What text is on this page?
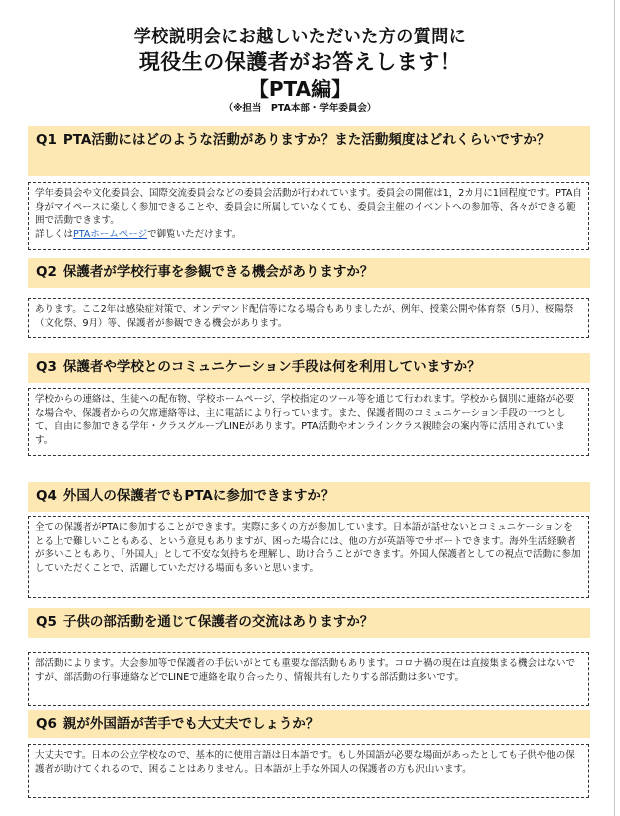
学校説明会にお越しいただいた方の質問に
現役生の保護者がお答えします！
【PTA編】
（※担当　PTA本部・学年委員会）
Q1 PTA活動にはどのような活動がありますか？また活動頻度はどれくらいですか？

学年委員会や文化委員会、国際交流委員会などの委員会活動が行われています。委員会の開催は1，2カ月に1回程度です。PTA自身がマイペースに楽しく参加できることや、委員会に所属していなくても、委員会主催のイベントへの参加等、各々ができる範囲で活動できます。

詳しくはPTAホームページで御覧いただけます。

Q2 保護者が学校行事を参観できる機会がありますか？

あります。ここ2年は感染症対策で、オンデマンド配信等になる場合もありましたが、例年、授業公開や体育祭（5月）、桜陽祭（文化祭、9月）等、保護者が参観できる機会があります。

Q3 保護者や学校とのコミュニケーション手段は何を利用していますか？

学校からの連絡は、生徒への配布物、学校ホームページ、学校指定のツール等を通じて行われます。学校から個別に連絡が必要な場合や、保護者からの欠席連絡等は、主に電話により行っています。また、保護者間のコミュニケーション手段の一つとして、自由に参加できる学年・クラスグループLINEがあります。PTA活動やオンラインクラス親睦会の案内等に活用されています。

Q4 外国人の保護者でもPTAに参加できますか？

全ての保護者がPTAに参加することができます。実際に多くの方が参加しています。日本語が話せないとコミュニケーションをとる上で難しいこともある、という意見もありますが、困った場合には、他の方が英語等でサポートできます。海外生活経験者が多いこともあり、「外国人」として不安な気持ちを理解し、助け合うことができます。外国人保護者としての視点で活動に参加していただくことで、活躍していただける場面も多いと思います。

Q5 子供の部活動を通じて保護者の交流はありますか？

部活動によります。大会参加等で保護者の手伝いがとても重要な部活動もあります。コロナ禍の現在は直接集まる機会はないですが、部活動の行事連絡などでLINEで連絡を取り合ったり、情報共有したりする部活動は多いです。

Q6 親が外国語が苦手でも大丈夫でしょうか？

大丈夫です。日本の公立学校なので、基本的に使用言語は日本語です。もし外国語が必要な場面があったとしても子供や他の保護者が助けてくれるので、困ることはありません。日本語が上手な外国人の保護者の方も沢山います。
